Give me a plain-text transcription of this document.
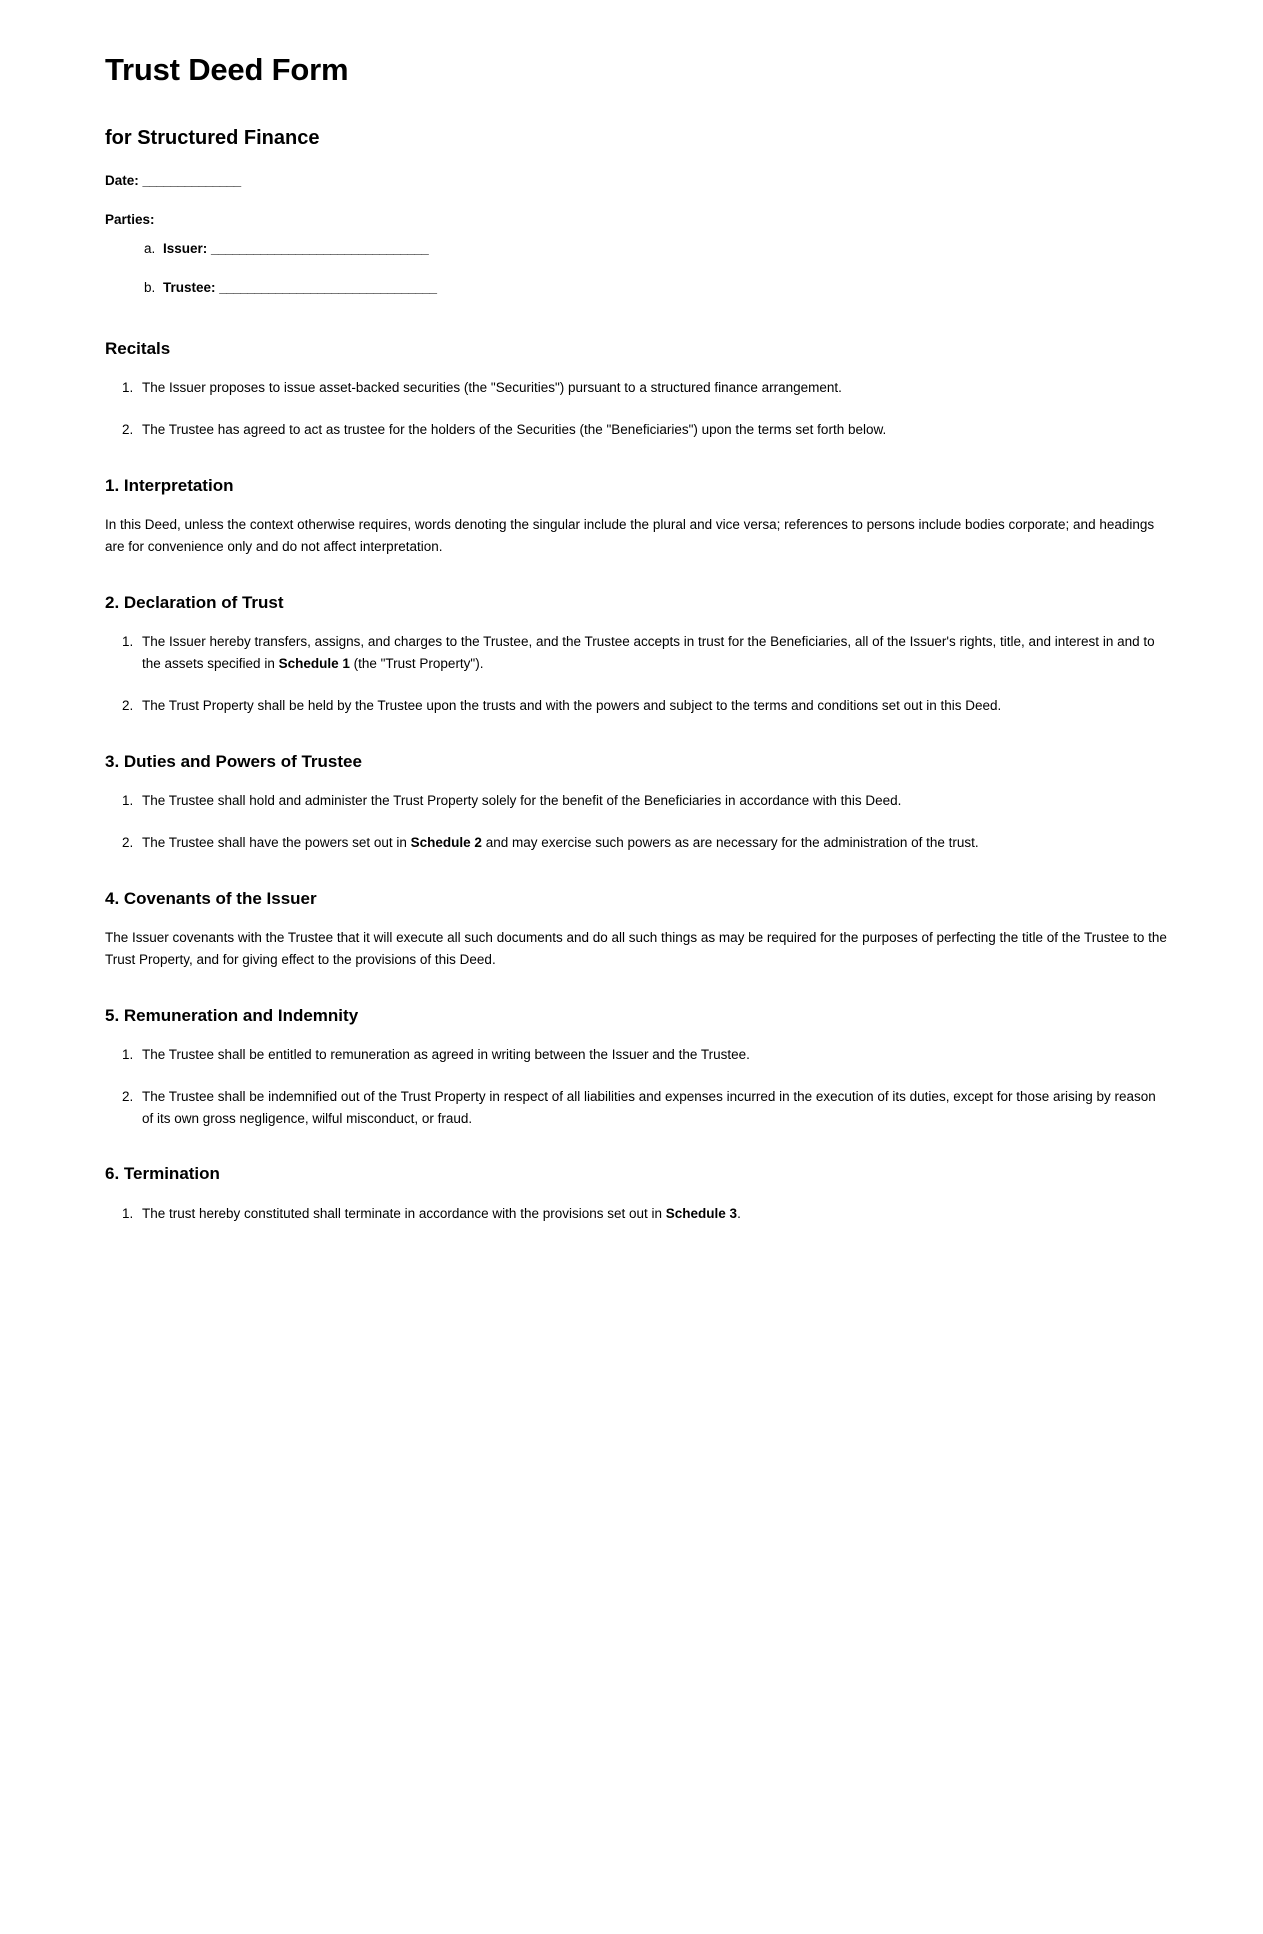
Trust Deed Form
for Structured Finance

Date: ______________

Parties:

a. Issuer: _______________________________
b. Trustee: _______________________________
Recitals
1. The Issuer proposes to issue asset-backed securities (the "Securities") pursuant to a structured finance arrangement.
2. The Trustee has agreed to act as trustee for the holders of the Securities (the "Beneficiaries") upon the terms set forth below.
1. Interpretation

In this Deed, unless the context otherwise requires, words denoting the singular include the plural and vice versa; references to persons include bodies corporate; and headings are for convenience only and do not affect interpretation.

2. Declaration of Trust
1. The Issuer hereby transfers, assigns, and charges to the Trustee, and the Trustee accepts in trust for the Beneficiaries, all of the Issuer's rights, title, and interest in and to the assets specified in Schedule 1 (the "Trust Property").
2. The Trust Property shall be held by the Trustee upon the trusts and with the powers and subject to the terms and conditions set out in this Deed.
3. Duties and Powers of Trustee
1. The Trustee shall hold and administer the Trust Property solely for the benefit of the Beneficiaries in accordance with this Deed.
2. The Trustee shall have the powers set out in Schedule 2 and may exercise such powers as are necessary for the administration of the trust.
4. Covenants of the Issuer

The Issuer covenants with the Trustee that it will execute all such documents and do all such things as may be required for the purposes of perfecting the title of the Trustee to the Trust Property, and for giving effect to the provisions of this Deed.

5. Remuneration and Indemnity
1. The Trustee shall be entitled to remuneration as agreed in writing between the Issuer and the Trustee.
2. The Trustee shall be indemnified out of the Trust Property in respect of all liabilities and expenses incurred in the execution of its duties, except for those arising by reason of its own gross negligence, wilful misconduct, or fraud.
6. Termination
1. The trust hereby constituted shall terminate in accordance with the provisions set out in Schedule 3.
